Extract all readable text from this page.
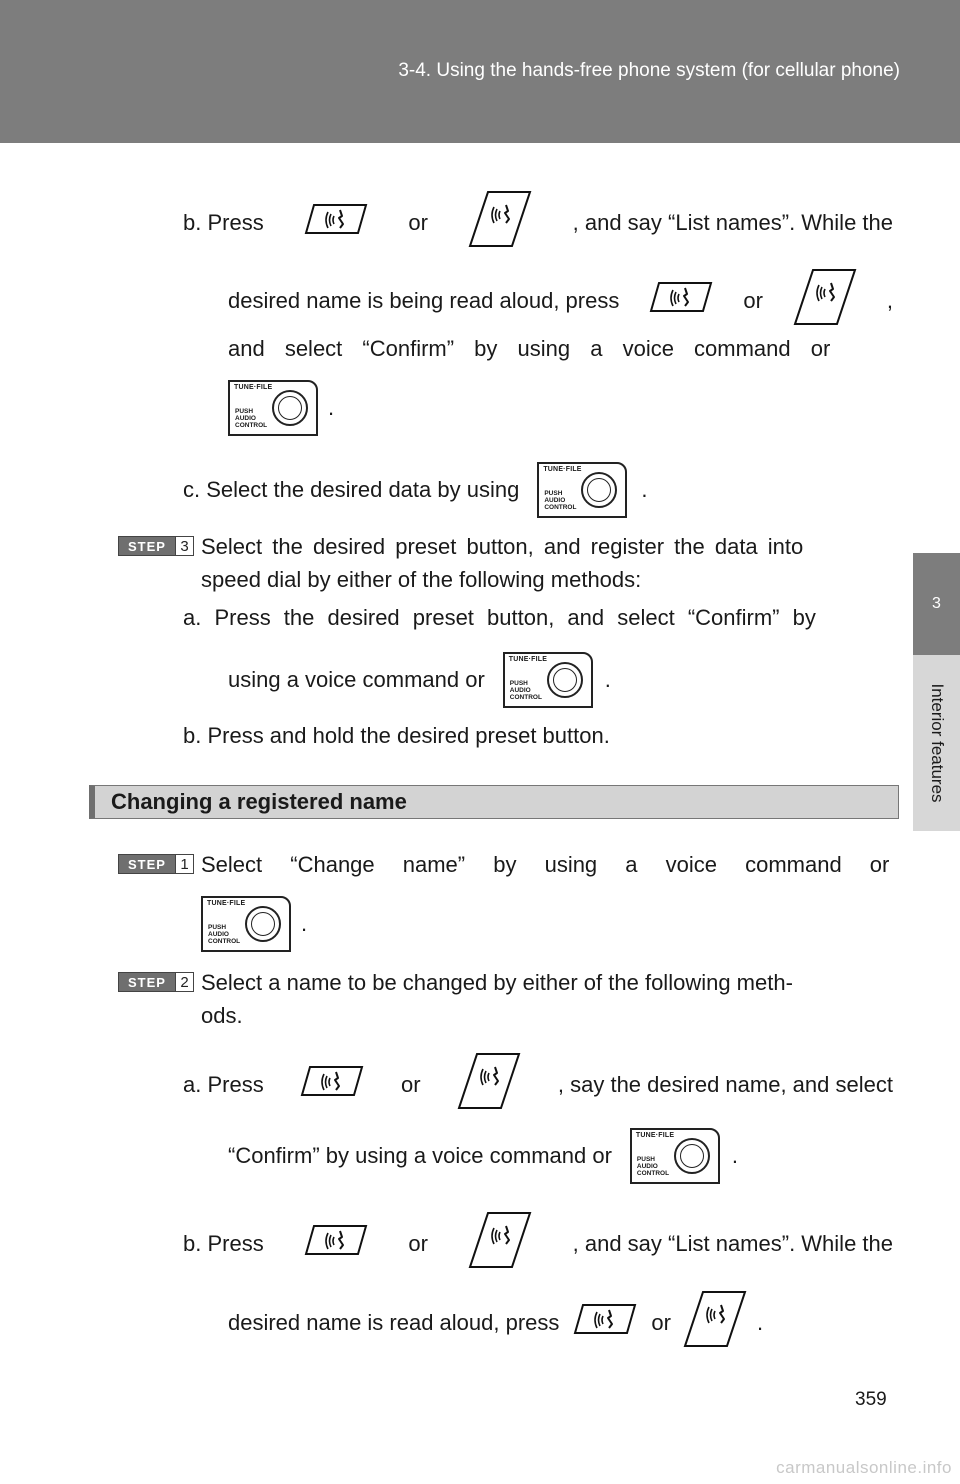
3-4. Using the hands-free phone system (for cellular phone)
3
Interior features
b. Press	or	, and say “List names”. While the
desired name is being read aloud, press	or	,
and select “Confirm” by using a voice command or
TUNE·FILE
PUSH
AUDIO
CONTROL
.
c. Select the desired data by using
TUNE·FILE
PUSH
AUDIO
CONTROL
.
STEP 3 Select the desired preset button, and register the data into
speed dial by either of the following methods:
a. Press the desired preset button, and select “Confirm” by
using a voice command or
TUNE·FILE
PUSH
AUDIO
CONTROL
.
b. Press and hold the desired preset button.
Changing a registered name
STEP 1 Select “Change name” by using a voice command or
TUNE·FILE
PUSH
AUDIO
CONTROL
.
STEP 2 Select a name to be changed by either of the following meth-
ods.
a. Press	or	, say the desired name, and select
“Confirm” by using a voice command or
TUNE·FILE
PUSH
AUDIO
CONTROL
.
b. Press	or	, and say “List names”. While the
desired name is read aloud, press	or	.
359
carmanualsonline.info
